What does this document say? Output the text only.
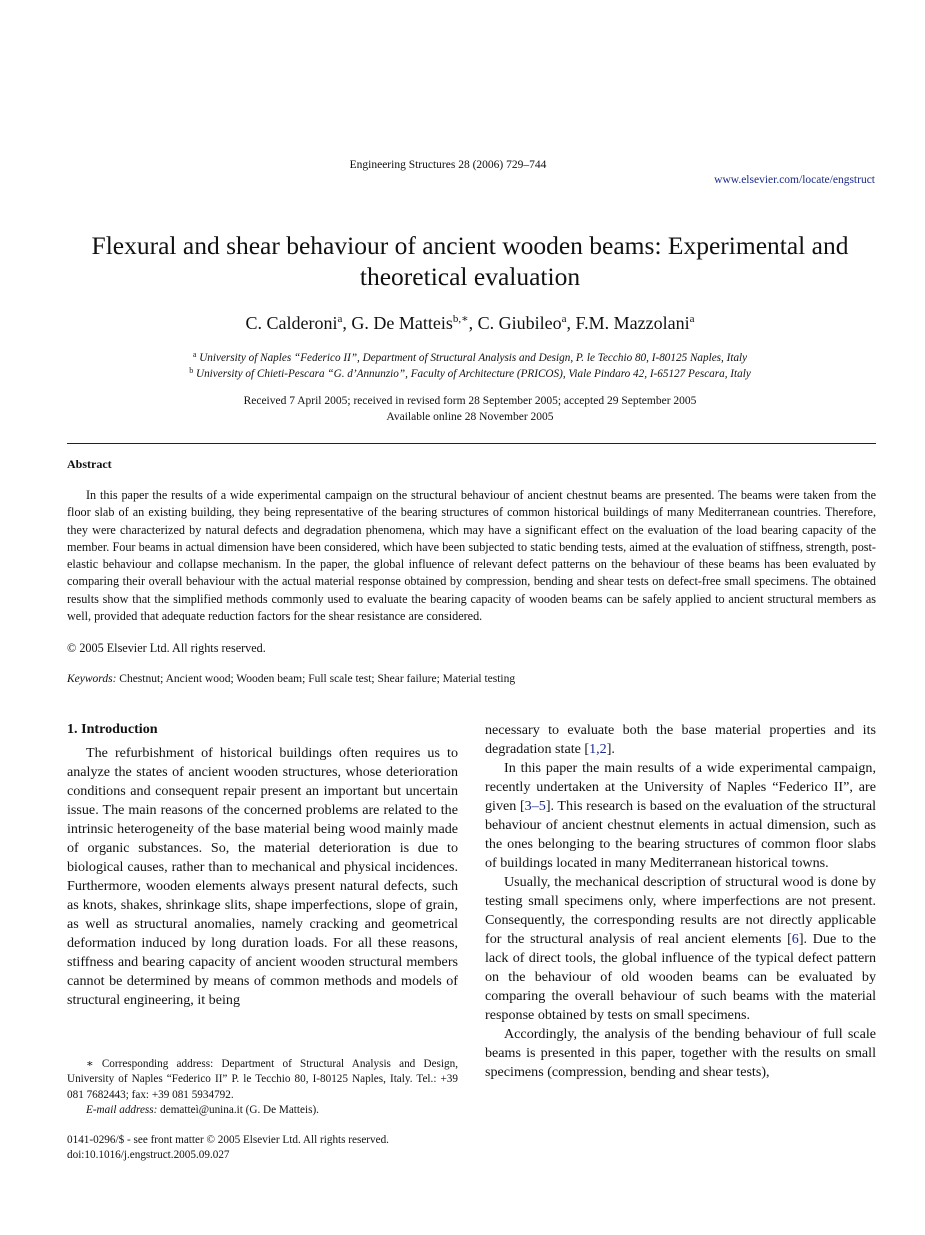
Engineering Structures 28 (2006) 729–744
www.elsevier.com/locate/engstruct
Flexural and shear behaviour of ancient wooden beams: Experimental and theoretical evaluation
C. Calderoni$^a$, G. De Matteis$^{b,∗}$, C. Giubileo$^a$, F.M. Mazzolani$^a$
$^a$ University of Naples “Federico II”, Department of Structural Analysis and Design, P. le Tecchio 80, I-80125 Naples, Italy
$^b$ University of Chieti-Pescara “G. d’Annunzio”, Faculty of Architecture (PRICOS), Viale Pindaro 42, I-65127 Pescara, Italy
Received 7 April 2005; received in revised form 28 September 2005; accepted 29 September 2005
Available online 28 November 2005
Abstract
In this paper the results of a wide experimental campaign on the structural behaviour of ancient chestnut beams are presented. The beams were taken from the floor slab of an existing building, they being representative of the bearing structures of common historical buildings of many Mediterranean countries. Therefore, they were characterized by natural defects and degradation phenomena, which may have a significant effect on the evaluation of the load bearing capacity of the member. Four beams in actual dimension have been considered, which have been subjected to static bending tests, aimed at the evaluation of stiffness, strength, post-elastic behaviour and collapse mechanism. In the paper, the global influence of relevant defect patterns on the behaviour of these beams has been evaluated by comparing their overall behaviour with the actual material response obtained by compression, bending and shear tests on defect-free small specimens. The obtained results show that the simplified methods commonly used to evaluate the bearing capacity of wooden beams can be safely applied to ancient structural members as well, provided that adequate reduction factors for the shear resistance are considered.
© 2005 Elsevier Ltd. All rights reserved.
Keywords: Chestnut; Ancient wood; Wooden beam; Full scale test; Shear failure; Material testing
1. Introduction

The refurbishment of historical buildings often requires us to analyze the states of ancient wooden structures, whose deterioration conditions and consequent repair present an important but uncertain issue. The main reasons of the concerned problems are related to the intrinsic heterogeneity of the base material being wood mainly made of organic substances. So, the material deterioration is due to biological causes, rather than to mechanical and physical incidences. Furthermore, wooden elements always present natural defects, such as knots, shakes, shrinkage slits, shape imperfections, slope of grain, as well as structural anomalies, namely cracking and geometrical deformation induced by long duration loads. For all these reasons, stiffness and bearing capacity of ancient wooden structural members cannot be determined by means of common methods and models of structural engineering, it being

necessary to evaluate both the base material properties and its degradation state [1,2].

In this paper the main results of a wide experimental campaign, recently undertaken at the University of Naples “Federico II”, are given [3–5]. This research is based on the evaluation of the structural behaviour of ancient chestnut elements in actual dimension, such as the ones belonging to the bearing structures of common floor slabs of buildings located in many Mediterranean historical towns.

Usually, the mechanical description of structural wood is done by testing small specimens only, where imperfections are not present. Consequently, the corresponding results are not directly applicable for the structural analysis of real ancient elements [6]. Due to the lack of direct tools, the global influence of the typical defect pattern on the behaviour of old wooden beams can be evaluated by comparing the overall behaviour of such beams with the material response obtained by tests on small specimens.

Accordingly, the analysis of the bending behaviour of full scale beams is presented in this paper, together with the results on small specimens (compression, bending and shear tests),

∗ Corresponding address: Department of Structural Analysis and Design, University of Naples “Federico II” P. le Tecchio 80, I-80125 Naples, Italy. Tel.: +39 081 7682443; fax: +39 081 5934792.

E-mail address: dematteì@unina.it (G. De Matteis).

0141-0296/$ - see front matter © 2005 Elsevier Ltd. All rights reserved.
doi:10.1016/j.engstruct.2005.09.027
